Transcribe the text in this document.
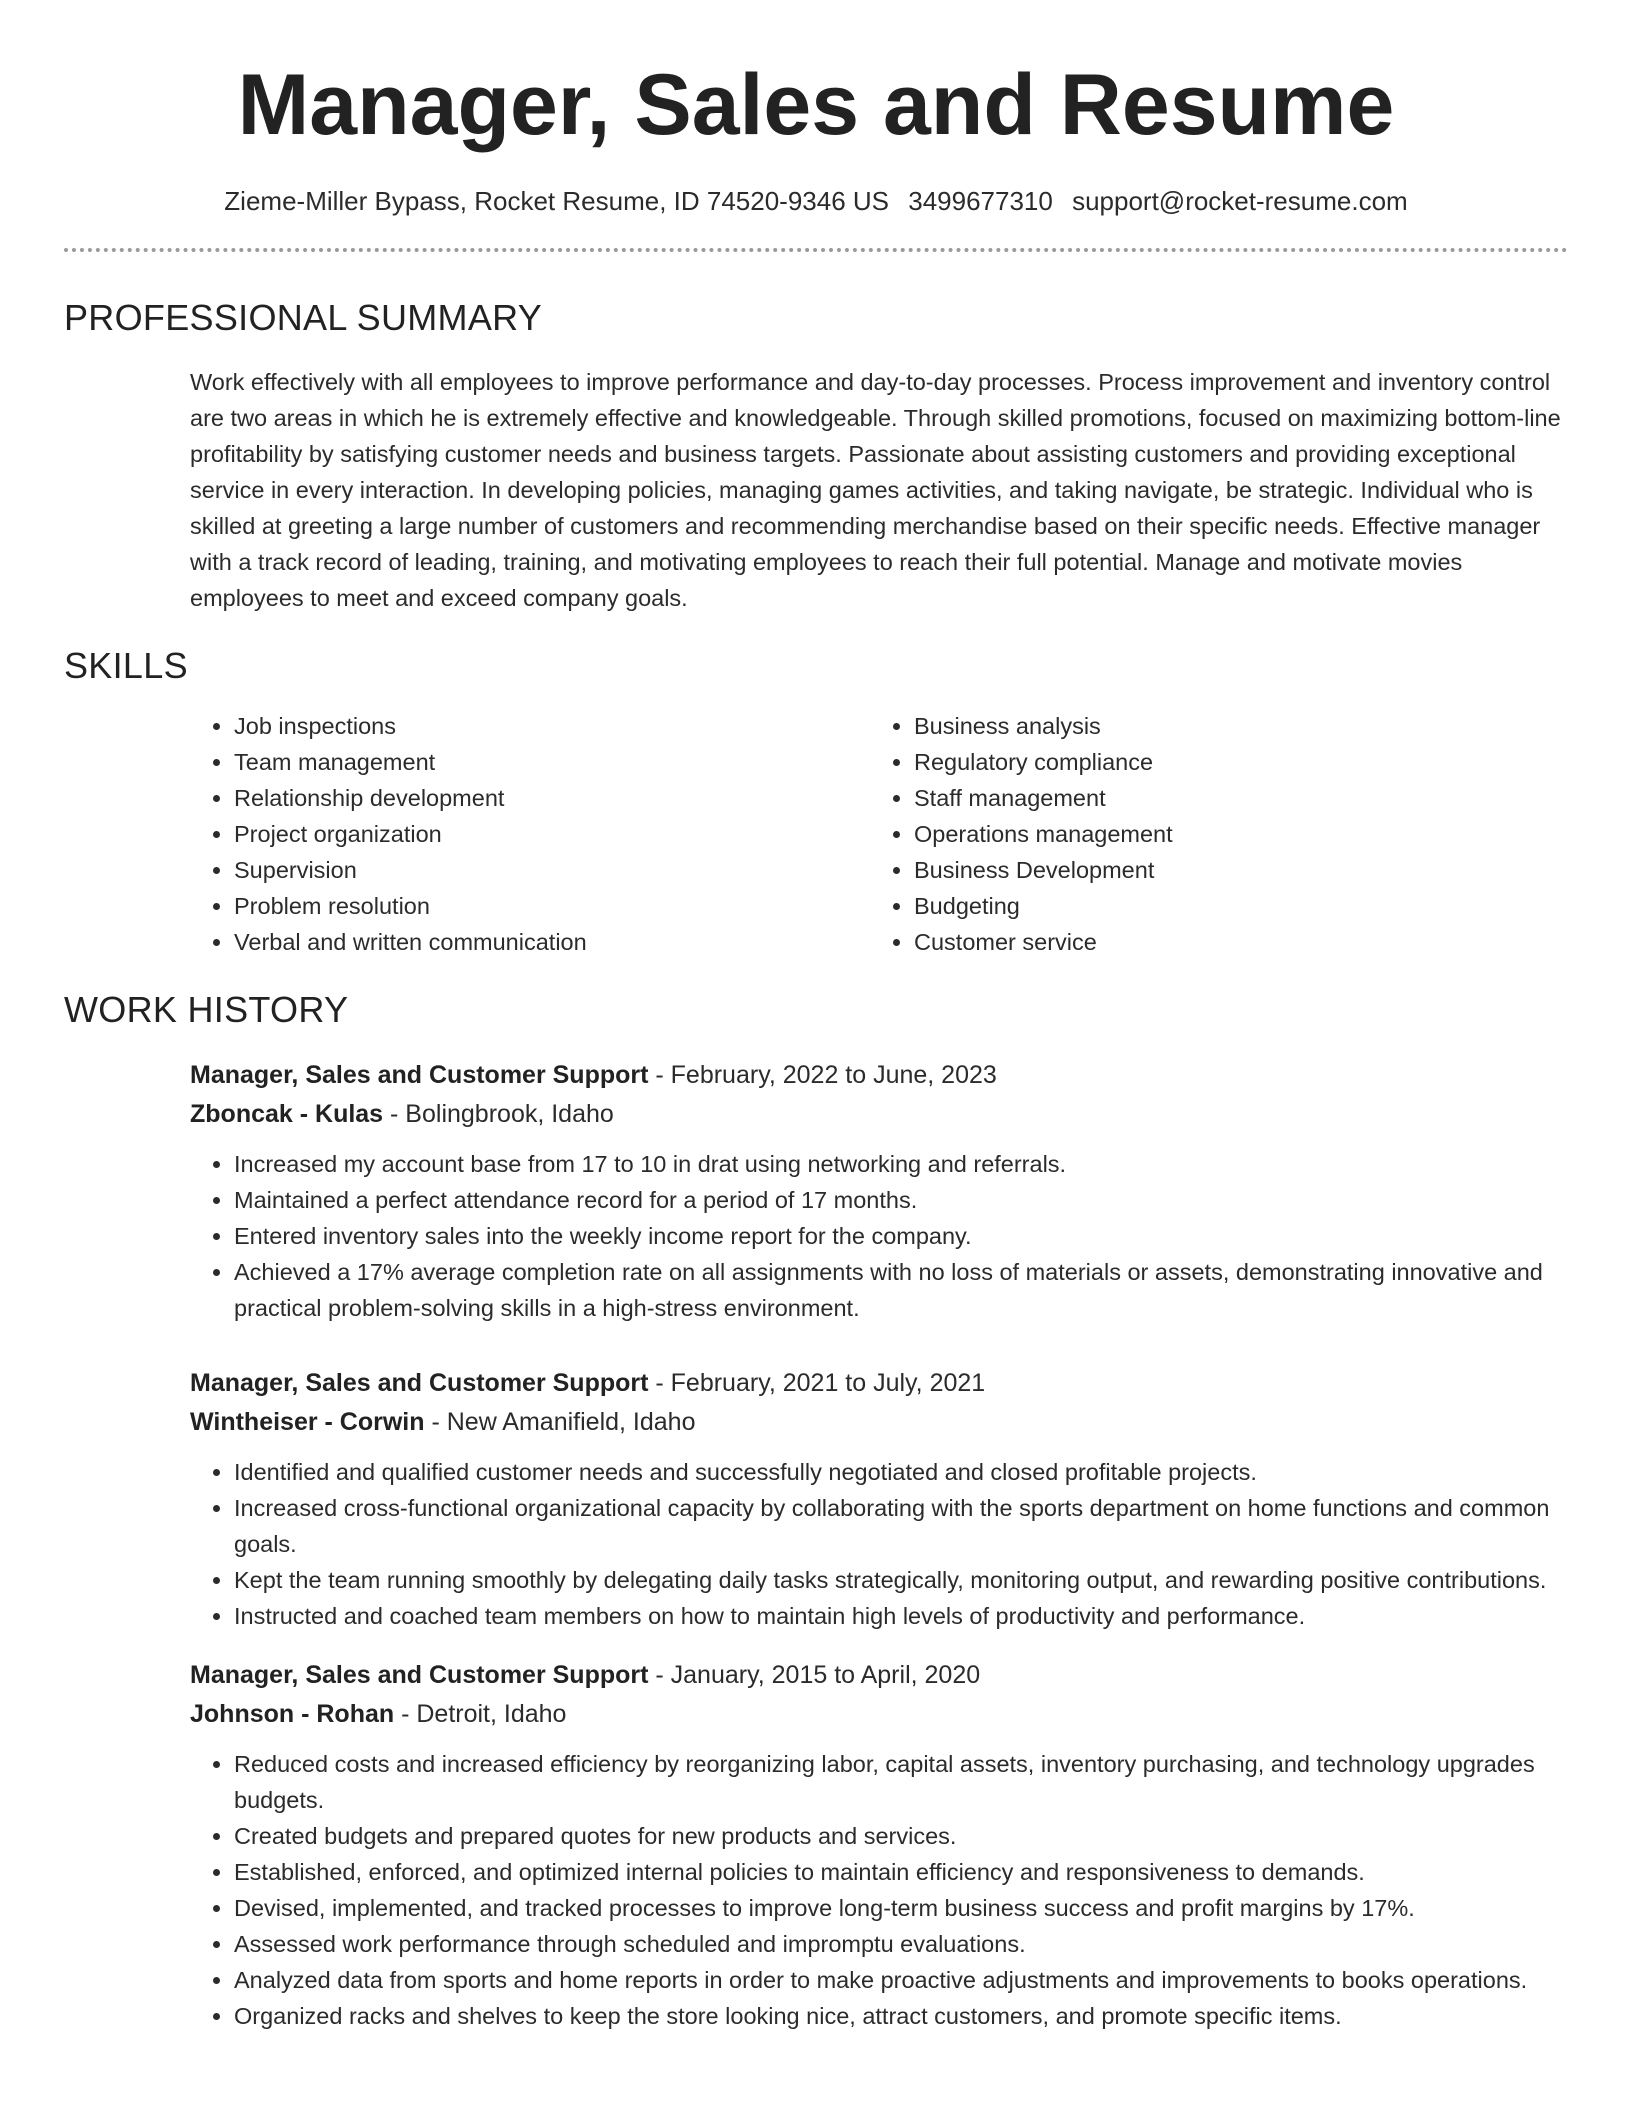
Manager, Sales and Resume
Zieme-Miller Bypass, Rocket Resume, ID 74520-9346 US 3499677310 support@rocket-resume.com
PROFESSIONAL SUMMARY
Work effectively with all employees to improve performance and day-to-day processes. Process improvement and inventory control are two areas in which he is extremely effective and knowledgeable. Through skilled promotions, focused on maximizing bottom-line profitability by satisfying customer needs and business targets. Passionate about assisting customers and providing exceptional service in every interaction. In developing policies, managing games activities, and taking navigate, be strategic. Individual who is skilled at greeting a large number of customers and recommending merchandise based on their specific needs. Effective manager with a track record of leading, training, and motivating employees to reach their full potential. Manage and motivate movies employees to meet and exceed company goals.
SKILLS
• Job inspections
• Team management
• Relationship development
• Project organization
• Supervision
• Problem resolution
• Verbal and written communication
• Business analysis
• Regulatory compliance
• Staff management
• Operations management
• Business Development
• Budgeting
• Customer service
WORK HISTORY
Manager, Sales and Customer Support - February, 2022 to June, 2023
Zboncak - Kulas - Bolingbrook, Idaho
• Increased my account base from 17 to 10 in drat using networking and referrals.
• Maintained a perfect attendance record for a period of 17 months.
• Entered inventory sales into the weekly income report for the company.
• Achieved a 17% average completion rate on all assignments with no loss of materials or assets, demonstrating innovative and practical problem-solving skills in a high-stress environment.
Manager, Sales and Customer Support - February, 2021 to July, 2021
Wintheiser - Corwin - New Amanifield, Idaho
• Identified and qualified customer needs and successfully negotiated and closed profitable projects.
• Increased cross-functional organizational capacity by collaborating with the sports department on home functions and common goals.
• Kept the team running smoothly by delegating daily tasks strategically, monitoring output, and rewarding positive contributions.
• Instructed and coached team members on how to maintain high levels of productivity and performance.
Manager, Sales and Customer Support - January, 2015 to April, 2020
Johnson - Rohan - Detroit, Idaho
• Reduced costs and increased efficiency by reorganizing labor, capital assets, inventory purchasing, and technology upgrades budgets.
• Created budgets and prepared quotes for new products and services.
• Established, enforced, and optimized internal policies to maintain efficiency and responsiveness to demands.
• Devised, implemented, and tracked processes to improve long-term business success and profit margins by 17%.
• Assessed work performance through scheduled and impromptu evaluations.
• Analyzed data from sports and home reports in order to make proactive adjustments and improvements to books operations.
• Organized racks and shelves to keep the store looking nice, attract customers, and promote specific items.
